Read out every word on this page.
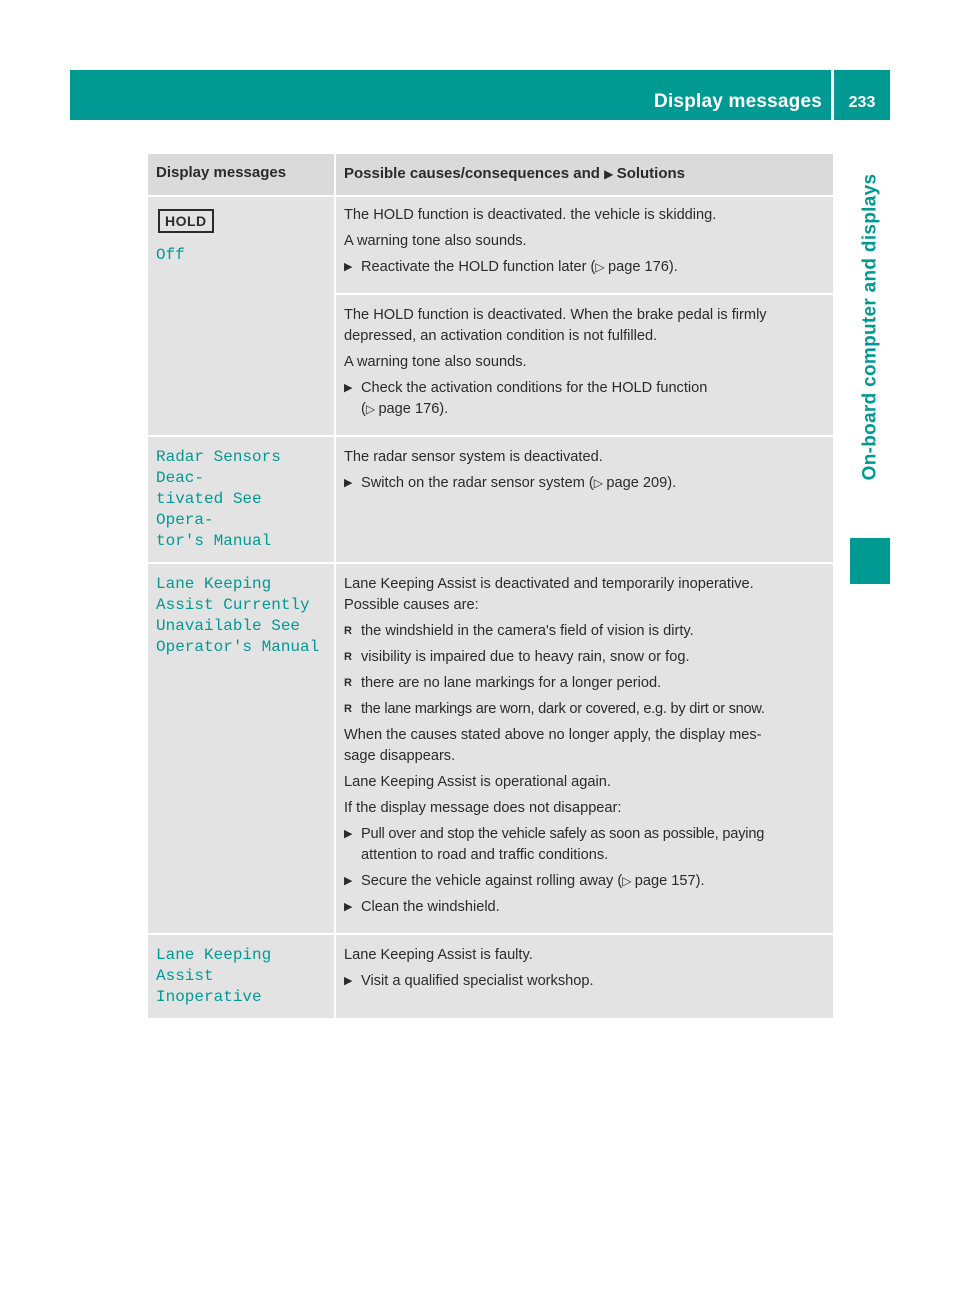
Display messages	233
On-board computer and displays
Display messages	Possible causes/consequences and ▶ Solutions
HOLD
Off

The HOLD function is deactivated. the vehicle is skidding.

A warning tone also sounds.

▶ Reactivate the HOLD function later (▷ page 176).

The HOLD function is deactivated. When the brake pedal is firmly

depressed, an activation condition is not fulfilled.

A warning tone also sounds.

▶ Check the activation conditions for the HOLD function
(▷ page 176).
Radar Sensors Deac‐
tivated See Opera‐
tor's Manual

The radar sensor system is deactivated.

▶ Switch on the radar sensor system (▷ page 209).
Lane Keeping
Assist Currently
Unavailable See
Operator's Manual

Lane Keeping Assist is deactivated and temporarily inoperative.

Possible causes are:

R the windshield in the camera's field of vision is dirty.
R visibility is impaired due to heavy rain, snow or fog.
R there are no lane markings for a longer period.
R the lane markings are worn, dark or covered, e.g. by dirt or snow.

When the causes stated above no longer apply, the display mes‐

sage disappears.

Lane Keeping Assist is operational again.

If the display message does not disappear:

▶ Pull over and stop the vehicle safely as soon as possible, paying
attention to road and traffic conditions.
▶ Secure the vehicle against rolling away (▷ page 157).
▶ Clean the windshield.
Lane Keeping
Assist Inoperative

Lane Keeping Assist is faulty.

▶ Visit a qualified specialist workshop.
